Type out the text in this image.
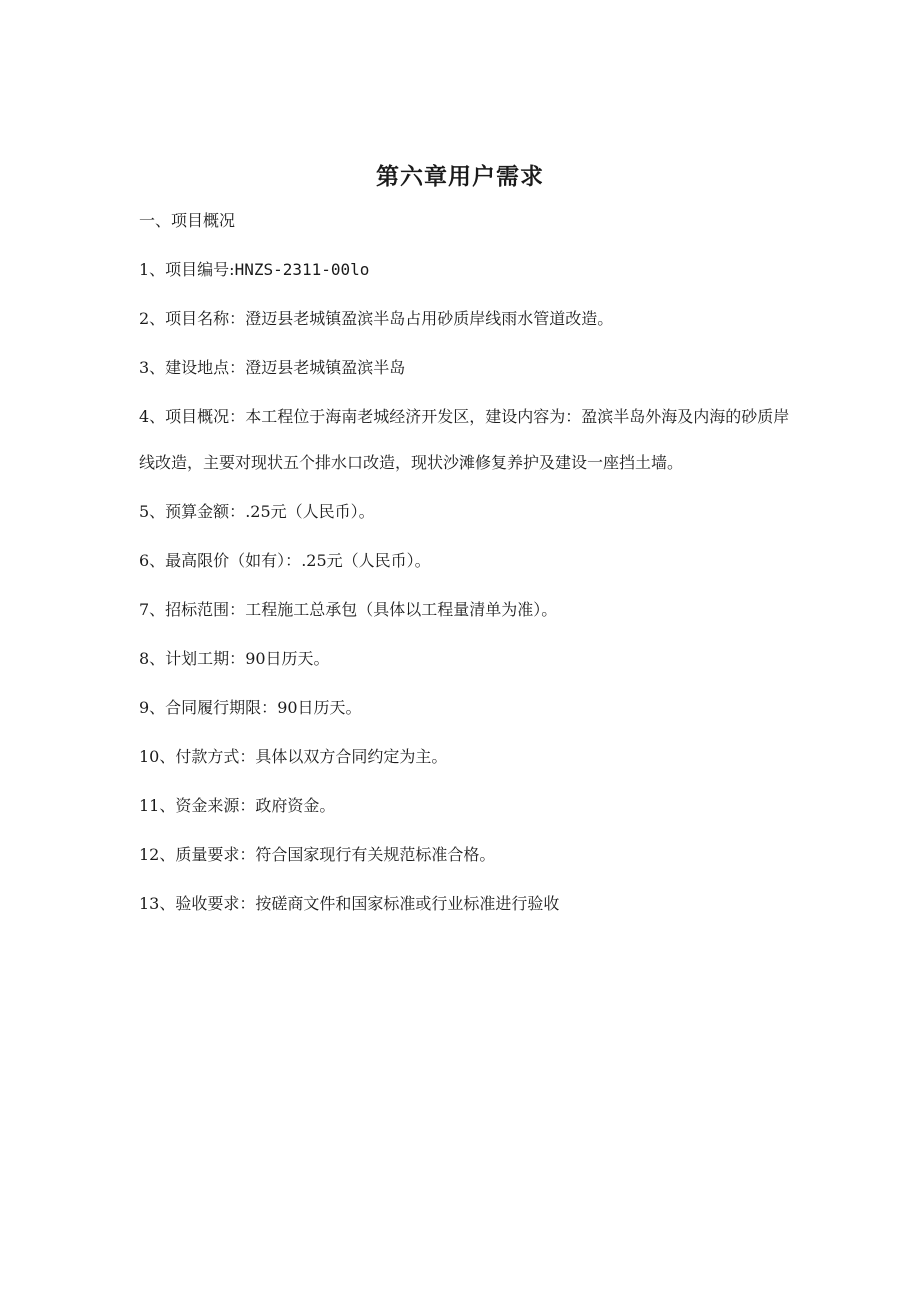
第六章用户需求

一、项目概况

1、项目编号:HNZS-2311-00lo

2、项目名称：澄迈县老城镇盈滨半岛占用砂质岸线雨水管道改造。

3、建设地点：澄迈县老城镇盈滨半岛

4、项目概况：本工程位于海南老城经济开发区，建设内容为：盈滨半岛外海及内海的砂质岸线改造，主要对现状五个排水口改造，现状沙滩修复养护及建设一座挡土墙。

5、预算金额：.25元（人民币）。

6、最高限价（如有）：.25元（人民币）。

7、招标范围：工程施工总承包（具体以工程量清单为准）。

8、计划工期：90日历天。

9、合同履行期限：90日历天。

10、付款方式：具体以双方合同约定为主。

11、资金来源：政府资金。

12、质量要求：符合国家现行有关规范标准合格。

13、验收要求：按磋商文件和国家标准或行业标准进行验收
